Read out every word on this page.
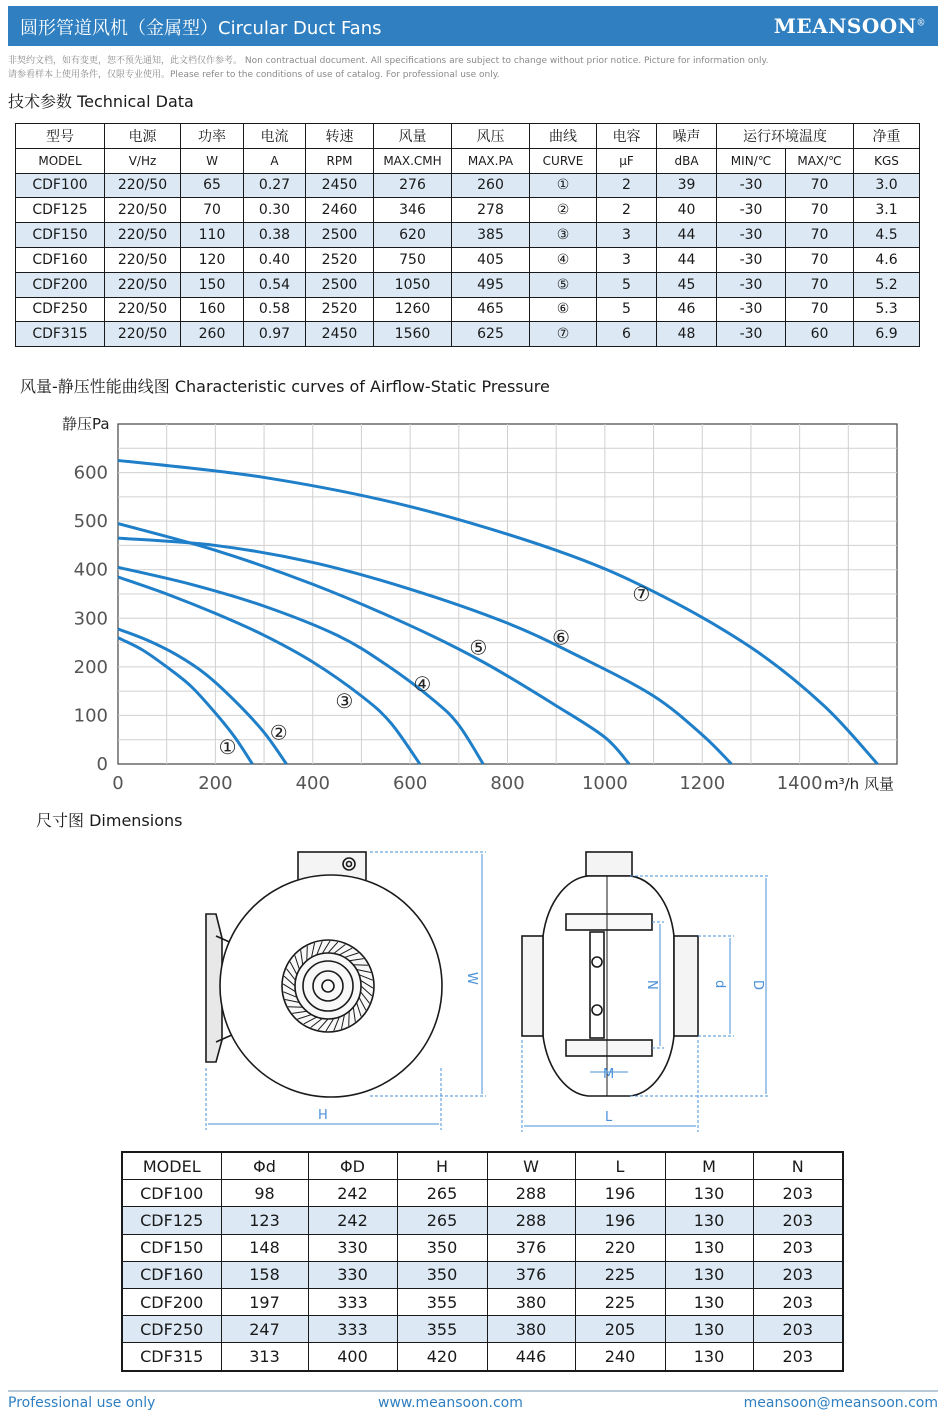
圆形管道风机（金属型）Circular Duct Fans	MEANSOON®
非契约文档，如有变更，恕不预先通知，此文档仅作参考。 Non contractual document. All specifications are subject to change without prior notice. Picture for information only.
请参看样本上使用条件，仅限专业使用。Please refer to the conditions of use of catalog. For professional use only.
技术参数 Technical Data
型号	电源	功率	电流	转速	风量	风压	曲线	电容	噪声	运行环境温度		净重
MODEL	V/Hz	W	A	RPM	MAX.CMH	MAX.PA	CURVE	μF	dBA	MIN/℃	MAX/℃	KGS
CDF100	220/50	65	0.27	2450	276	260	①	2	39	-30	70	3.0
CDF125	220/50	70	0.30	2460	346	278	②	2	40	-30	70	3.1
CDF150	220/50	110	0.38	2500	620	385	③	3	44	-30	70	4.5
CDF160	220/50	120	0.40	2520	750	405	④	3	44	-30	70	4.6
CDF200	220/50	150	0.54	2500	1050	495	⑤	5	45	-30	70	5.2
CDF250	220/50	160	0.58	2520	1260	465	⑥	5	46	-30	70	5.3
CDF315	220/50	260	0.97	2450	1560	625	⑦	6	48	-30	60	6.9
风量-静压性能曲线图 Characteristic curves of Airflow-Static Pressure
0	200	400	600	800	1000	1200	1400
0
100
200
300
400
500
600
①
②
③
④
⑤	⑥
⑦
静压Pa
m³/h 风量
尺寸图 Dimensions
W
H
N	d D
L
M
MODEL	Φd	ΦD	H	W	L	M	N
CDF100	98	242	265	288	196	130	203
CDF125	123	242	265	288	196	130	203
CDF150	148	330	350	376	220	130	203
CDF160	158	330	350	376	225	130	203
CDF200	197	333	355	380	225	130	203
CDF250	247	333	355	380	205	130	203
CDF315	313	400	420	446	240	130	203
Professional use only	www.meansoon.com	meansoon@meansoon.com
